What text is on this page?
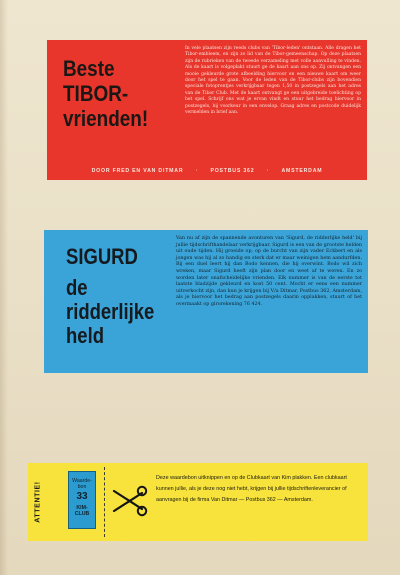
Beste
TIBOR-
vrienden!
In vele plaatsen zijn reeds clubs van 'Tibor-leden' ontstaan. Alle dragen het Tibor-embleem, en zijn zo lid van de Tibor-gemeenschap. Op deze plaatsen zijn de rubrieken van de tweede verzameling met volle aanvulling te vinden. Als de kaart is volgeplakt stuurt ge de kaart aan ons op. Zij ontvangen een mooie gekleurde grote afbeelding hiervoor en een nieuwe kaart om weer door het spel te gaan. Voor de leden van de Tibor-clubs zijn bovendien speciale fotoprentjes verkrijgbaar tegen 1,50 in postzegels aan het adres van de Tibor Club. Met de kaart ontvangt ge een uitgebreide toelichting op het spel. Schrijf ons wat je ervan vindt en stuur het bedrag hiervoor in postzegels, bij voorkeur in een envelop. Graag adres en postcode duidelijk vermelden in brief aan.
DOOR FRED EN VAN DITMAR · POSTBUS 362 · AMSTERDAM
SIGURD
de
ridderlijke
held
Van nu af zijn de spannende avonturen van 'Sigurd, de ridderlijke held' bij jullie tijdschrifthandelaar verkrijgbaar. Sigurd is een van de grootste helden uit oude tijden. Hij groeide op, op de burcht van zijn vader Eckbert en als jongen was hij al zo handig en sterk dat er maar weinigen hem aandurfden. Bij een duel leert hij dan Bodo kennen, die hij overwint. Bodo wil zich wreken, maar Sigurd heeft zijn plan door en weet af te weren. En zo worden later onafscheidelijke vrienden. Elk nummer is van de eerste tot laatste bladzijde gekleurd en kost 50 cent. Mocht er eens een nummer uitverkocht zijn, dan kun je krijgen bij V/a Ditmar, Postbus 362, Amsterdam, als je hiervoor het bedrag aan postzegels daarin opplakken, stuurt of het overmaakt op girorekening 76 424.
ATTENTIE!
Waarde-
bon
33
KIM-
CLUB
Deze waardebon uitknippen en op de Clubkaart van Kim plakken. Een clubkaart kunnen jullie, als je deze nog niet hebt, krijgen bij jullie tijdschriftenleverancier of aanvragen bij de firma Van Ditmar — Postbus 362 — Amsterdam.
